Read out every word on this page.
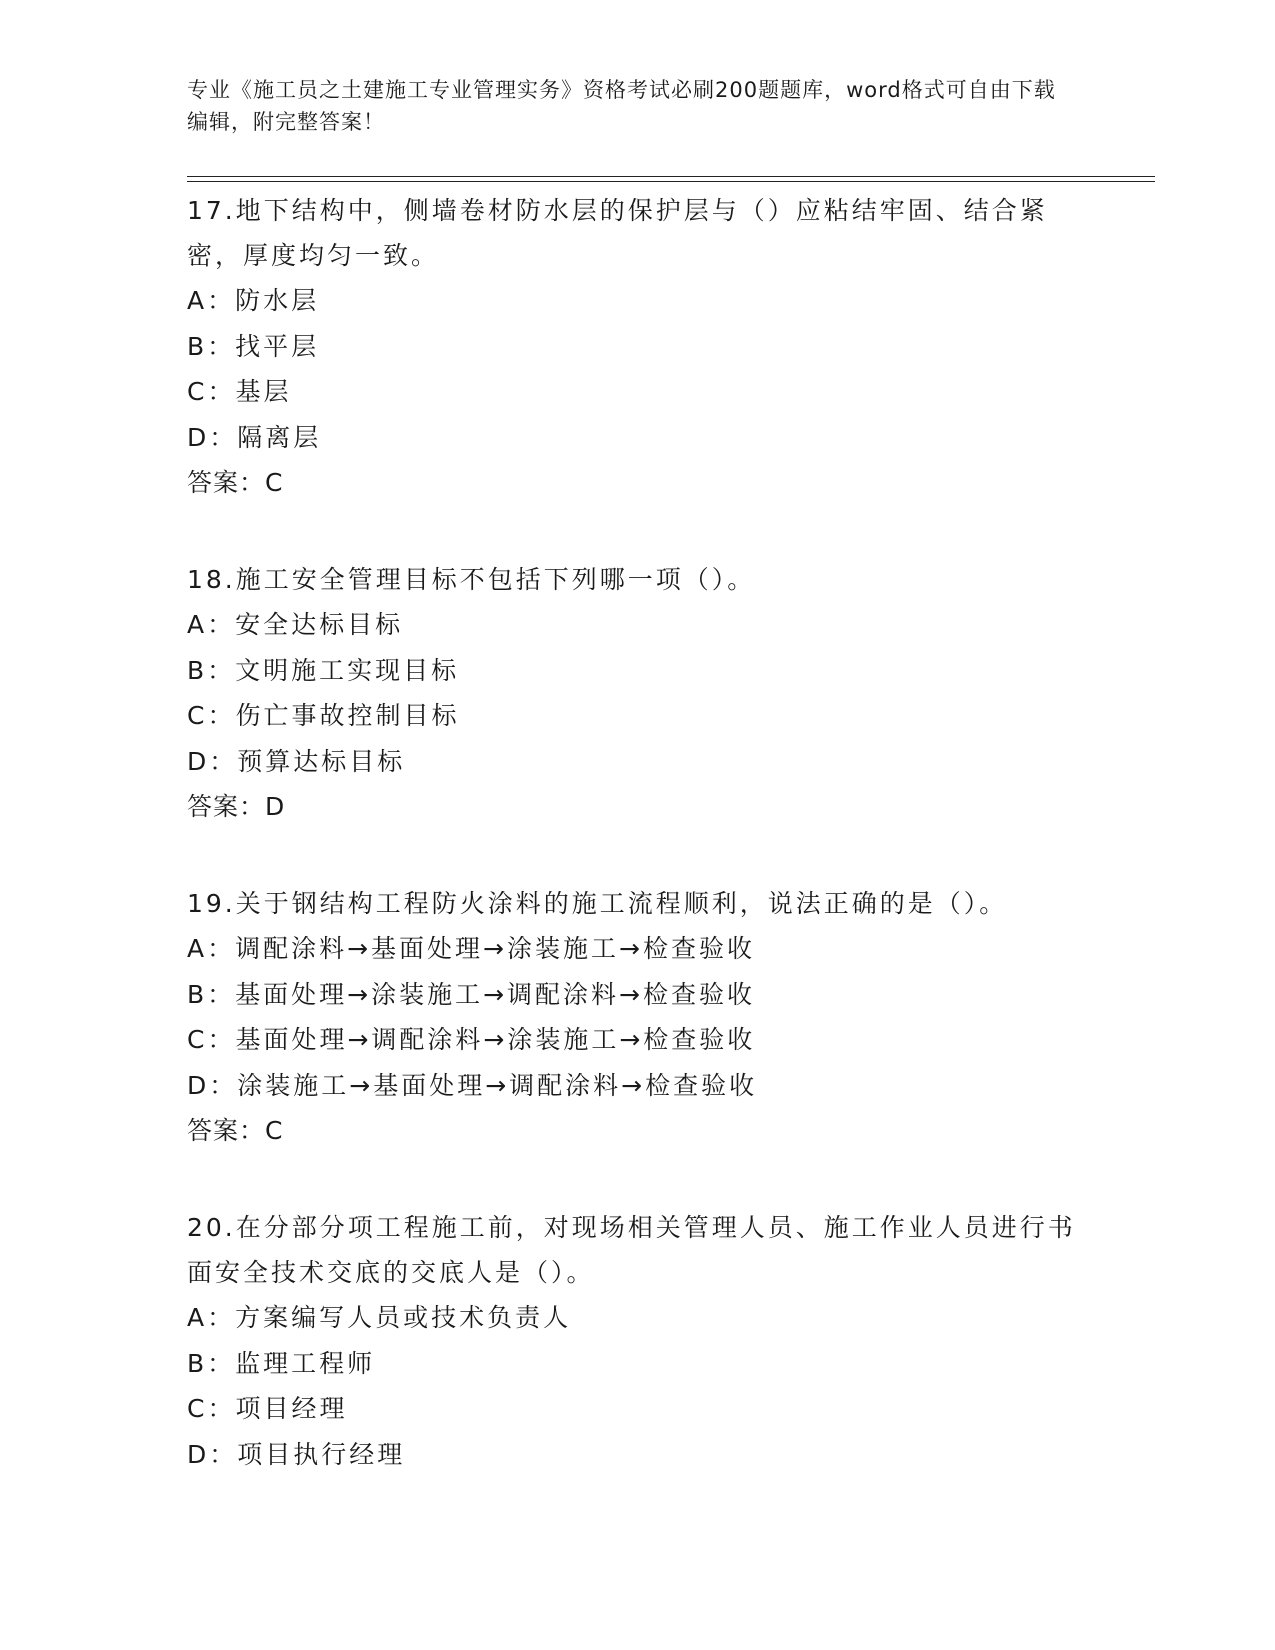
专业《施工员之土建施工专业管理实务》资格考试必刷200题题库，word格式可自由下载编辑，附完整答案！
17.地下结构中，侧墙卷材防水层的保护层与（）应粘结牢固、结合紧密，厚度均匀一致。
A：防水层
B：找平层
C：基层
D：隔离层
答案：C
18.施工安全管理目标不包括下列哪一项（）。
A：安全达标目标
B：文明施工实现目标
C：伤亡事故控制目标
D：预算达标目标
答案：D
19.关于钢结构工程防火涂料的施工流程顺利，说法正确的是（）。
A：调配涂料→基面处理→涂装施工→检查验收
B：基面处理→涂装施工→调配涂料→检查验收
C：基面处理→调配涂料→涂装施工→检查验收
D：涂装施工→基面处理→调配涂料→检查验收
答案：C
20.在分部分项工程施工前，对现场相关管理人员、施工作业人员进行书面安全技术交底的交底人是（）。
A：方案编写人员或技术负责人
B：监理工程师
C：项目经理
D：项目执行经理
